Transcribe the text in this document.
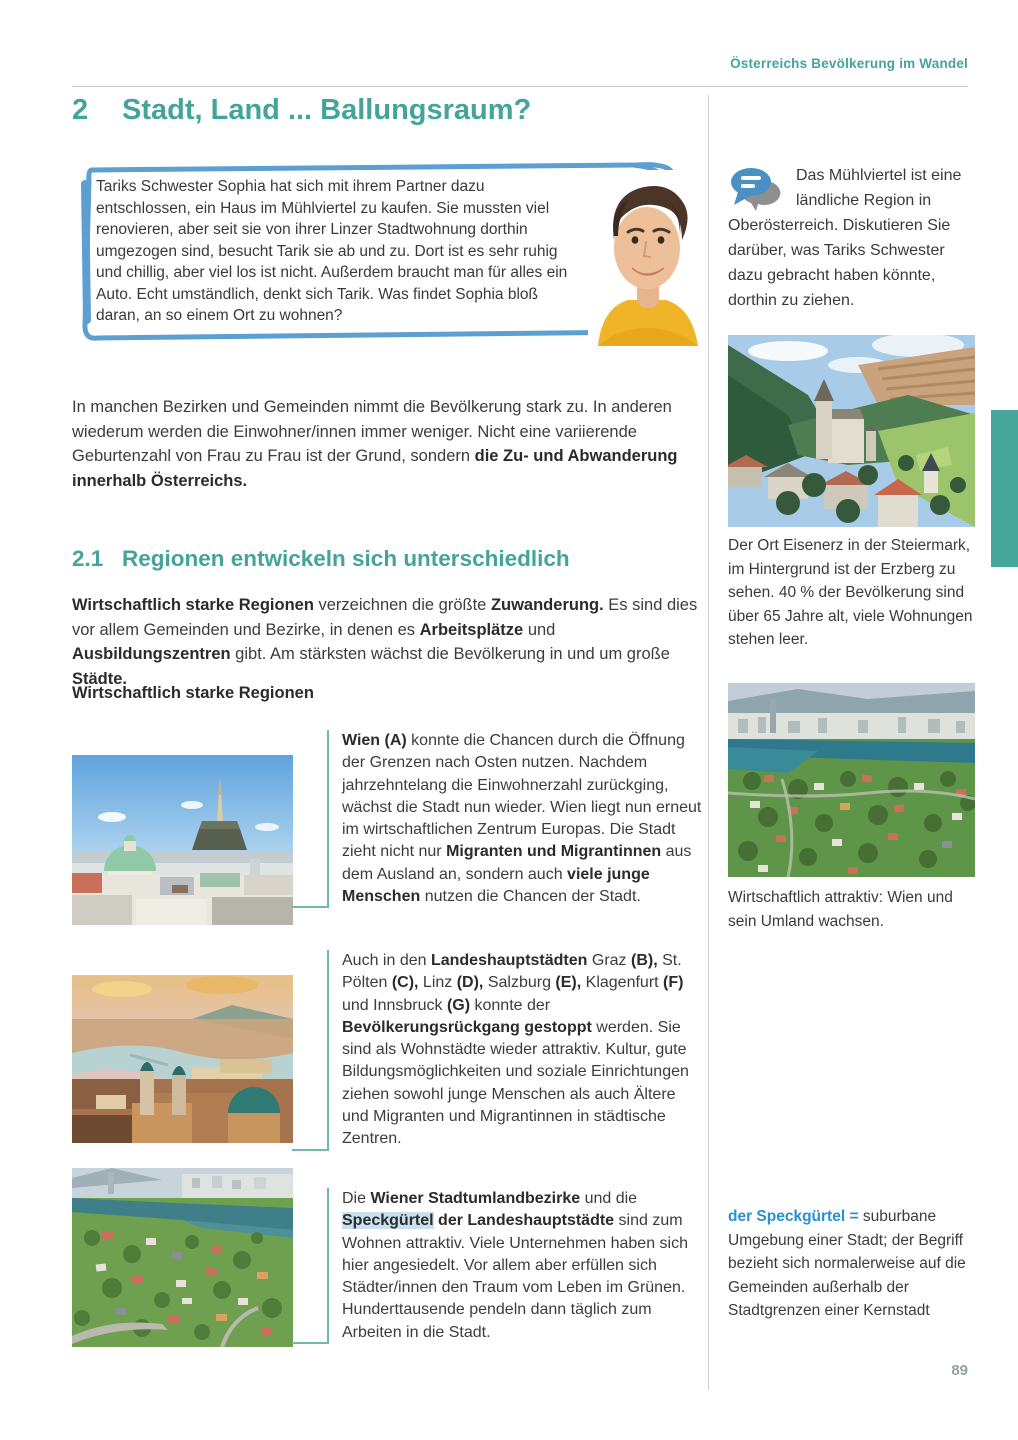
Österreichs Bevölkerung im Wandel
2	Stadt, Land ... Ballungsraum?
Tariks Schwester Sophia hat sich mit ihrem Partner dazu entschlossen, ein Haus im Mühlviertel zu kaufen. Sie mussten viel renovieren, aber seit sie von ihrer Linzer Stadtwohnung dorthin umgezogen sind, besucht Tarik sie ab und zu. Dort ist es sehr ruhig und chillig, aber viel los ist nicht. Außerdem braucht man für alles ein Auto. Echt umständlich, denkt sich Tarik. Was findet Sophia bloß daran, an so einem Ort zu wohnen?

In manchen Bezirken und Gemeinden nimmt die Bevölkerung stark zu. In anderen wiederum werden die Einwohner/innen immer weniger. Nicht eine variierende Geburtenzahl von Frau zu Frau ist der Grund, sondern die Zu- und Abwanderung innerhalb Österreichs.

2.1 Regionen entwickeln sich unterschiedlich

Wirtschaftlich starke Regionen verzeichnen die größte Zuwanderung. Es sind dies vor allem Gemeinden und Bezirke, in denen es Arbeitsplätze und Ausbildungszentren gibt. Am stärksten wächst die Bevölkerung in und um große Städte.

Wirtschaftlich starke Regionen

Wien (A) konnte die Chancen durch die Öffnung der Grenzen nach Osten nutzen. Nachdem jahrzehntelang die Einwohnerzahl zurückging, wächst die Stadt nun wieder. Wien liegt nun erneut im wirtschaftlichen Zentrum Europas. Die Stadt zieht nicht nur Migranten und Migrantinnen aus dem Ausland an, sondern auch viele junge Menschen nutzen die Chancen der Stadt.

Auch in den Landeshauptstädten Graz (B), St. Pölten (C), Linz (D), Salzburg (E), Klagenfurt (F) und Innsbruck (G) konnte der Bevölkerungsrückgang gestoppt werden. Sie sind als Wohnstädte wieder attraktiv. Kultur, gute Bildungsmöglichkeiten und soziale Einrichtungen ziehen sowohl junge Menschen als auch Ältere und Migranten und Migrantinnen in städtische Zentren.

Die Wiener Stadtumlandbezirke und die Speckgürtel der Landeshauptstädte sind zum Wohnen attraktiv. Viele Unternehmen haben sich hier angesiedelt. Vor allem aber erfüllen sich Städter/innen den Traum vom Leben im Grünen. Hunderttausende pendeln dann täglich zum Arbeiten in die Stadt.

Das Mühlviertel ist eine ländliche Region in Oberösterreich. Diskutieren Sie darüber, was Tariks Schwester dazu gebracht haben könnte, dorthin zu ziehen.
Der Ort Eisenerz in der Steiermark, im Hintergrund ist der Erzberg zu sehen. 40 % der Bevölkerung sind über 65 Jahre alt, viele Wohnungen stehen leer.
Wirtschaftlich attraktiv: Wien und sein Umland wachsen.

der Speckgürtel = suburbane Umgebung einer Stadt; der Begriff bezieht sich normalerweise auf die Gemeinden außerhalb der Stadtgrenzen einer Kernstadt

89
